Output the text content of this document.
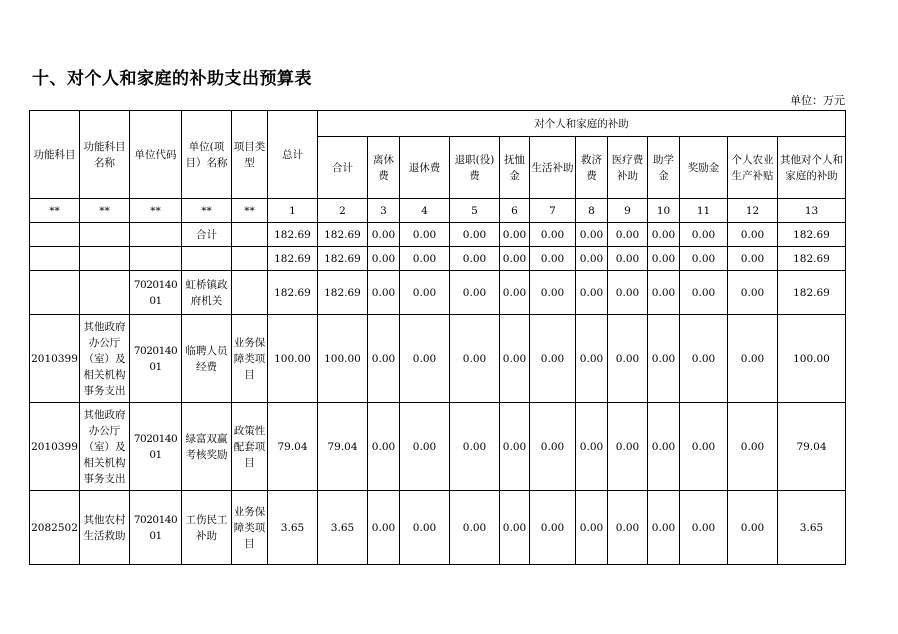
十、对个人和家庭的补助支出预算表
单位：万元
功能科目	功能科目名称	单位代码	单位(项目）名称	项目类型	总计	对个人和家庭的补助											
						合计	离休费	退休费	退职(役)费	抚恤金	生活补助	救济费	医疗费补助	助学金	奖励金	个人农业生产补贴	其他对个人和家庭的补助
**	**	**	**	**	1	2	3	4	5	6	7	8	9	10	11	12	13
			合计		182.69	182.69	0.00	0.00	0.00	0.00	0.00	0.00	0.00	0.00	0.00	0.00	182.69
					182.69	182.69	0.00	0.00	0.00	0.00	0.00	0.00	0.00	0.00	0.00	0.00	182.69
		702014001	虹桥镇政府机关		182.69	182.69	0.00	0.00	0.00	0.00	0.00	0.00	0.00	0.00	0.00	0.00	182.69
2010399	其他政府办公厅（室）及相关机构事务支出	702014001	临聘人员经费	业务保障类项目	100.00	100.00	0.00	0.00	0.00	0.00	0.00	0.00	0.00	0.00	0.00	0.00	100.00
2010399	其他政府办公厅（室）及相关机构事务支出	702014001	绿富双赢考核奖励	政策性配套项目	79.04	79.04	0.00	0.00	0.00	0.00	0.00	0.00	0.00	0.00	0.00	0.00	79.04
2082502	其他农村生活救助	702014001	工伤民工补助	业务保障类项目	3.65	3.65	0.00	0.00	0.00	0.00	0.00	0.00	0.00	0.00	0.00	0.00	3.65
